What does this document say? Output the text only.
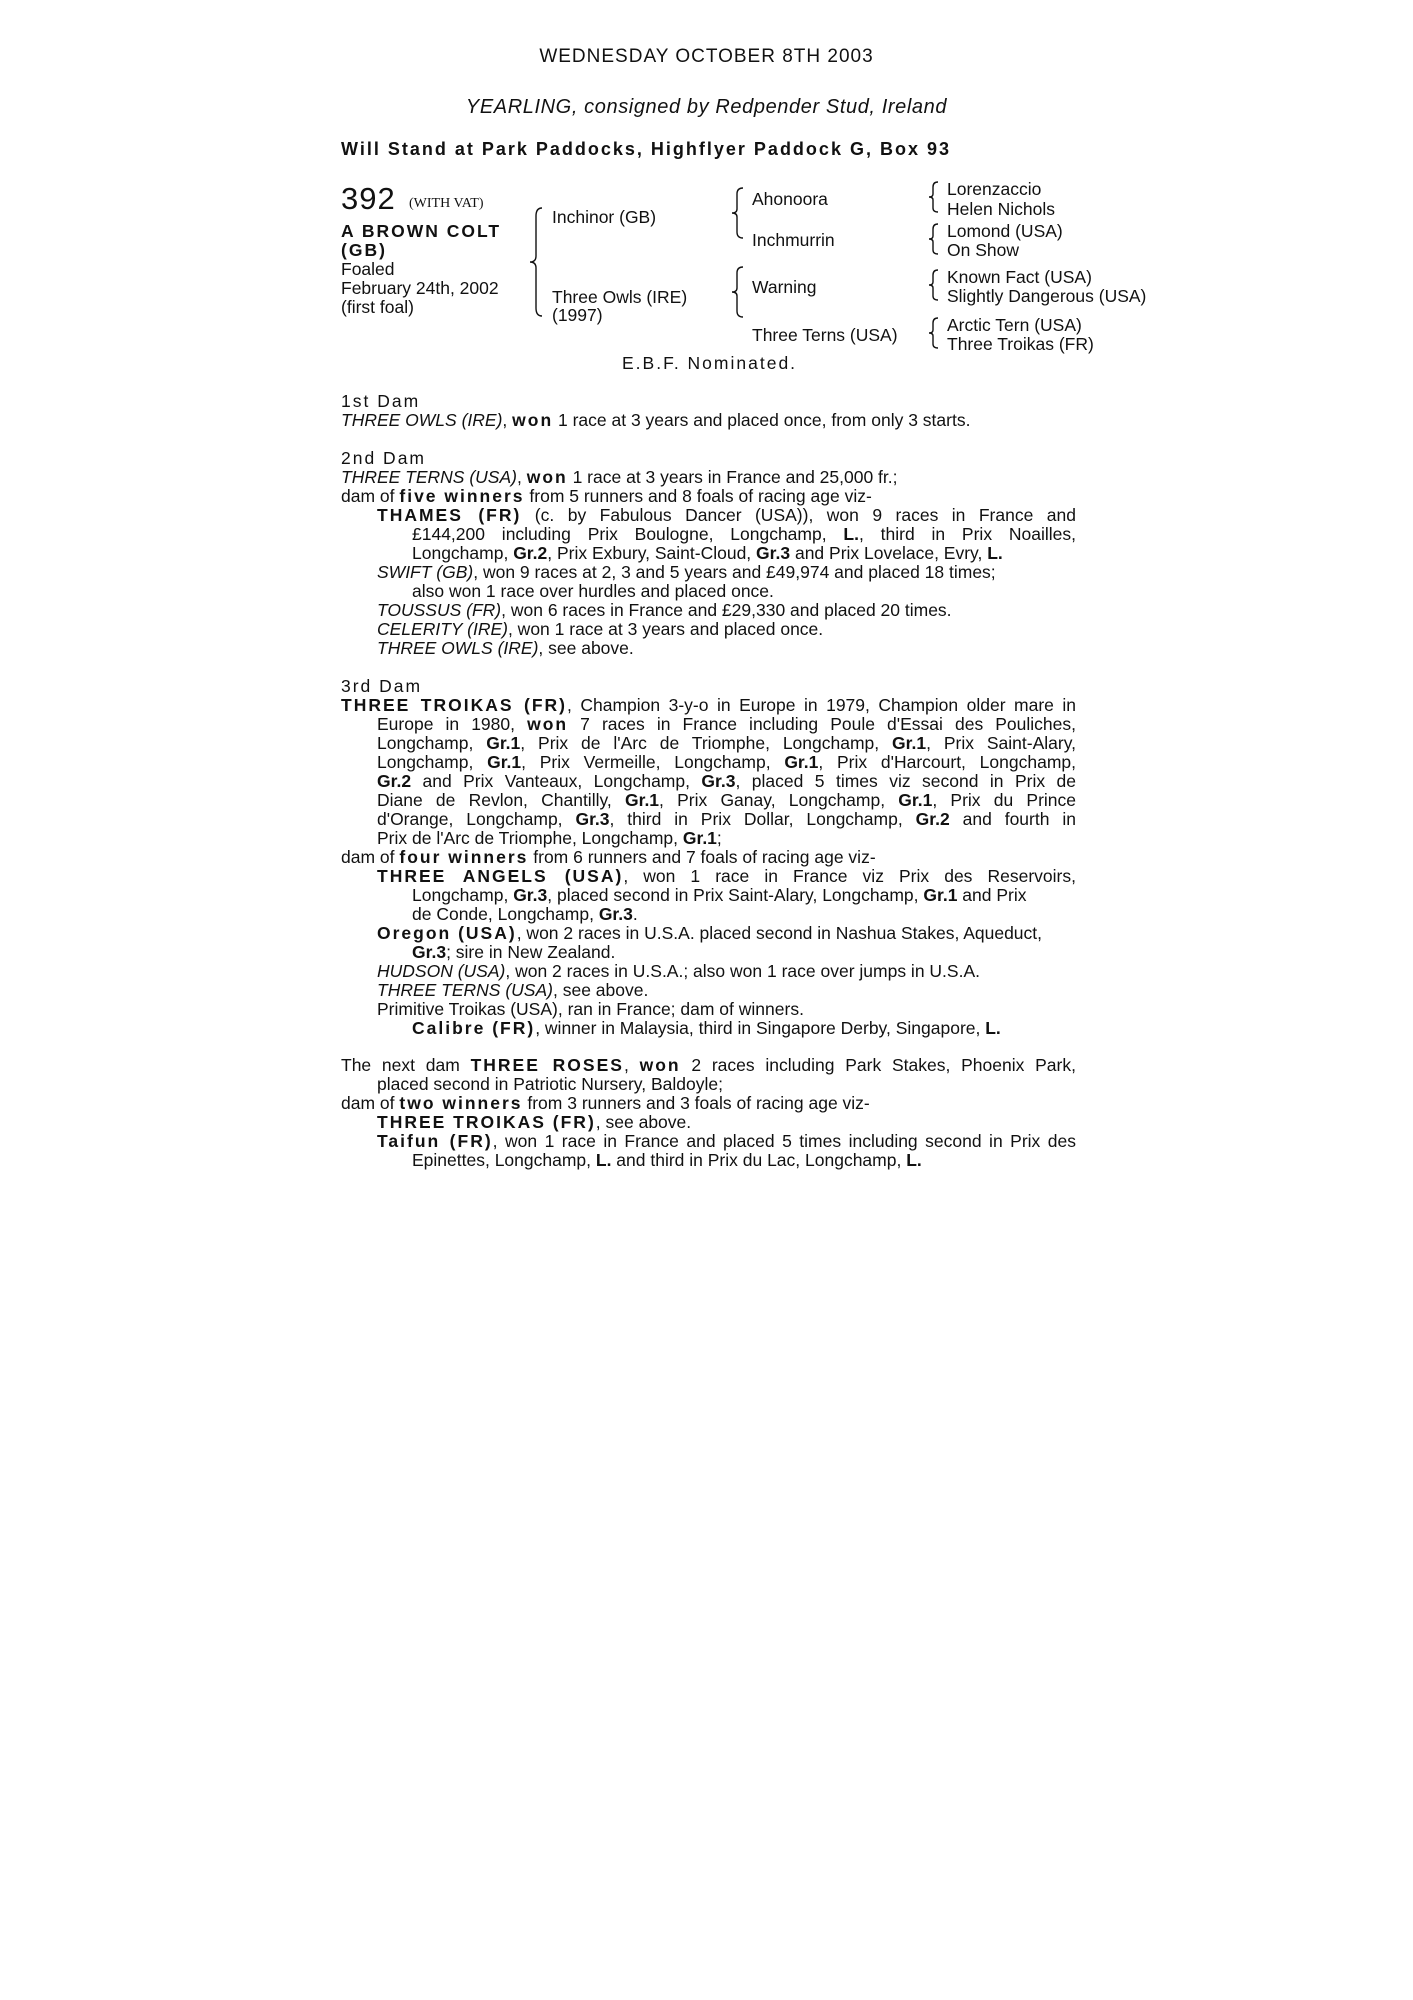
WEDNESDAY OCTOBER 8TH 2003
YEARLING, consigned by Redpender Stud, Ireland
Will Stand at Park Paddocks, Highflyer Paddock G, Box 93
392 (WITH VAT)
A BROWN COLT
(GB)
Foaled
February 24th, 2002
(first foal)
Inchinor (GB)
Three Owls (IRE)
(1997)
Ahonoora
Inchmurrin
Warning
Three Terns (USA)
Lorenzaccio
Helen Nichols
Lomond (USA)
On Show
Known Fact (USA)
Slightly Dangerous (USA)
Arctic Tern (USA)
Three Troikas (FR)
E.B.F. Nominated.
1st Dam
THREE OWLS (IRE), won 1 race at 3 years and placed once, from only 3 starts.
2nd Dam
THREE TERNS (USA), won 1 race at 3 years in France and 25,000 fr.;
dam of five winners from 5 runners and 8 foals of racing age viz-
THAMES (FR) (c. by Fabulous Dancer (USA)), won 9 races in France and
£144,200 including Prix Boulogne, Longchamp, L., third in Prix Noailles,
Longchamp, Gr.2, Prix Exbury, Saint-Cloud, Gr.3 and Prix Lovelace, Evry, L.
SWIFT (GB), won 9 races at 2, 3 and 5 years and £49,974 and placed 18 times;
also won 1 race over hurdles and placed once.
TOUSSUS (FR), won 6 races in France and £29,330 and placed 20 times.
CELERITY (IRE), won 1 race at 3 years and placed once.
THREE OWLS (IRE), see above.
3rd Dam
THREE TROIKAS (FR), Champion 3-y-o in Europe in 1979, Champion older mare in
Europe in 1980, won 7 races in France including Poule d'Essai des Pouliches,
Longchamp, Gr.1, Prix de l'Arc de Triomphe, Longchamp, Gr.1, Prix Saint-Alary,
Longchamp, Gr.1, Prix Vermeille, Longchamp, Gr.1, Prix d'Harcourt, Longchamp,
Gr.2 and Prix Vanteaux, Longchamp, Gr.3, placed 5 times viz second in Prix de
Diane de Revlon, Chantilly, Gr.1, Prix Ganay, Longchamp, Gr.1, Prix du Prince
d'Orange, Longchamp, Gr.3, third in Prix Dollar, Longchamp, Gr.2 and fourth in
Prix de l'Arc de Triomphe, Longchamp, Gr.1;
dam of four winners from 6 runners and 7 foals of racing age viz-
THREE ANGELS (USA), won 1 race in France viz Prix des Reservoirs,
Longchamp, Gr.3, placed second in Prix Saint-Alary, Longchamp, Gr.1 and Prix
de Conde, Longchamp, Gr.3.
Oregon (USA), won 2 races in U.S.A. placed second in Nashua Stakes, Aqueduct,
Gr.3; sire in New Zealand.
HUDSON (USA), won 2 races in U.S.A.; also won 1 race over jumps in U.S.A.
THREE TERNS (USA), see above.
Primitive Troikas (USA), ran in France; dam of winners.
Calibre (FR), winner in Malaysia, third in Singapore Derby, Singapore, L.
The next dam THREE ROSES, won 2 races including Park Stakes, Phoenix Park,
placed second in Patriotic Nursery, Baldoyle;
dam of two winners from 3 runners and 3 foals of racing age viz-
THREE TROIKAS (FR), see above.
Taifun (FR), won 1 race in France and placed 5 times including second in Prix des
Epinettes, Longchamp, L. and third in Prix du Lac, Longchamp, L.
